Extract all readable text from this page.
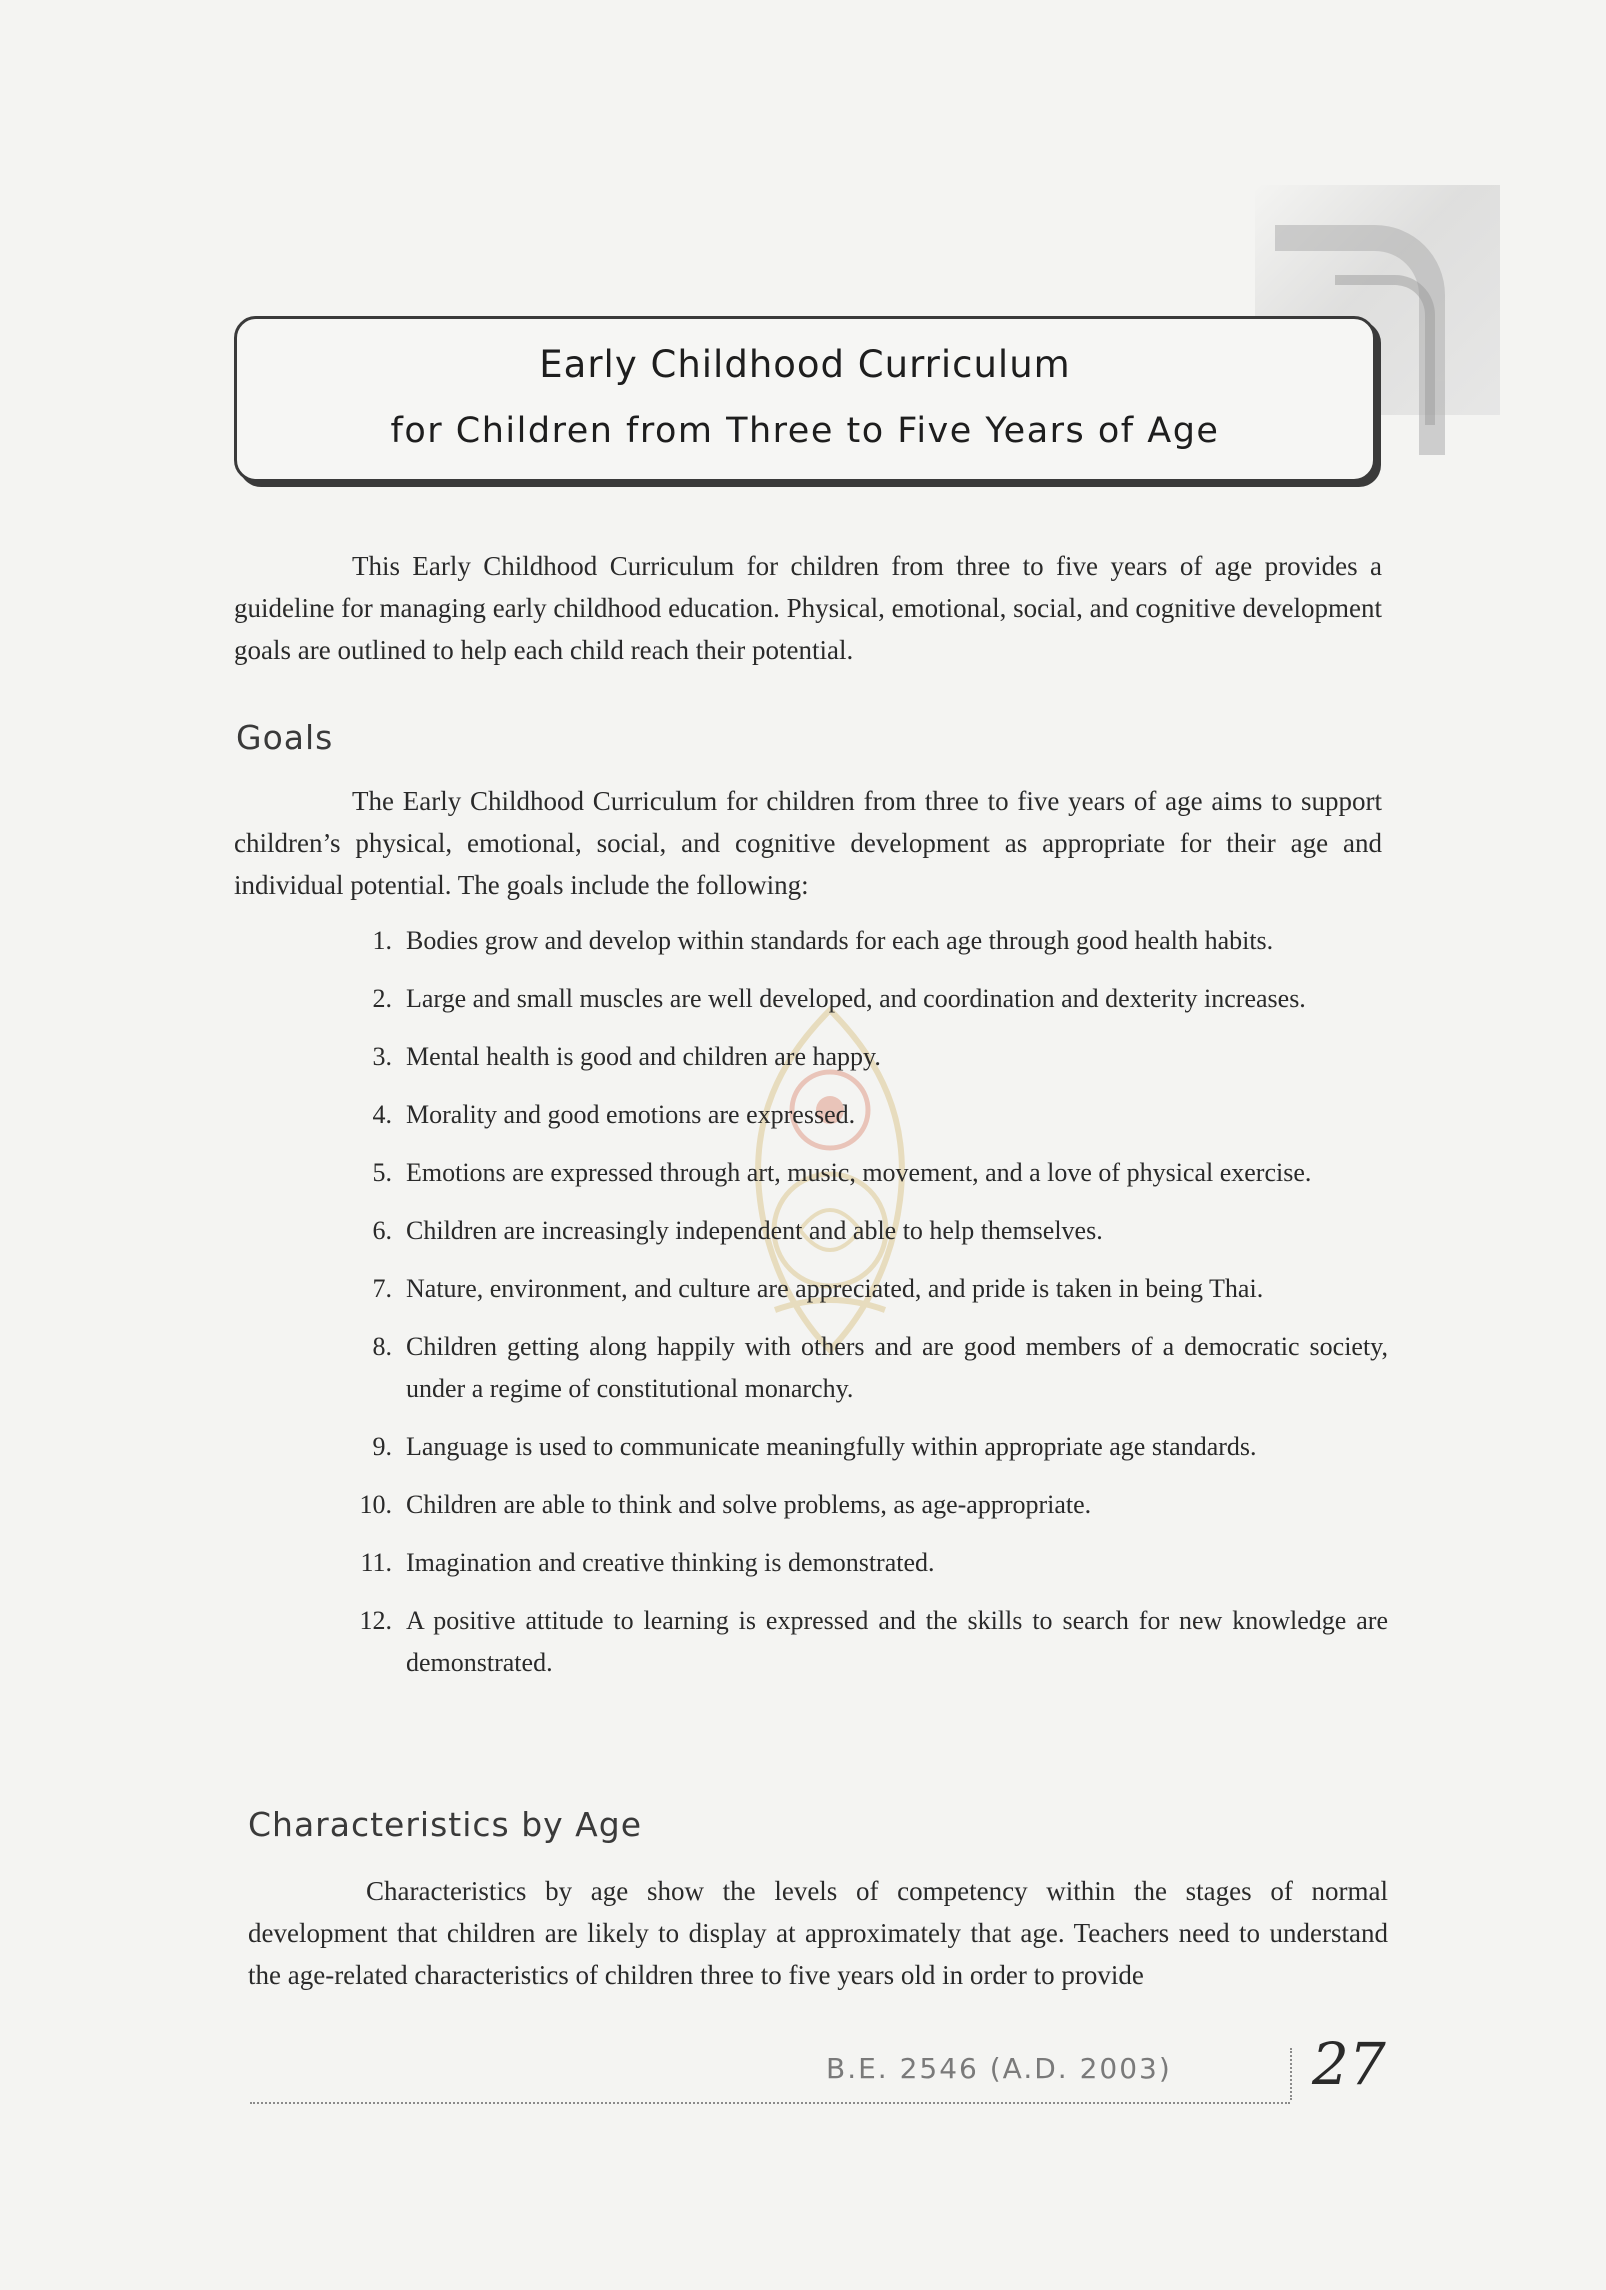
Early Childhood Curriculum
for Children from Three to Five Years of Age
This Early Childhood Curriculum for children from three to five years of age provides a guideline for managing early childhood education. Physical, emotional, social, and cognitive development goals are outlined to help each child reach their potential.
Goals
The Early Childhood Curriculum for children from three to five years of age aims to support children’s physical, emotional, social, and cognitive development as appropriate for their age and individual potential. The goals include the following:
1. Bodies grow and develop within standards for each age through good health habits.
2. Large and small muscles are well developed, and coordination and dexterity increases.
3. Mental health is good and children are happy.
4. Morality and good emotions are expressed.
5. Emotions are expressed through art, music, movement, and a love of physical exercise.
6. Children are increasingly independent and able to help themselves.
7. Nature, environment, and culture are appreciated, and pride is taken in being Thai.
8. Children getting along happily with others and are good members of a democratic society, under a regime of constitutional monarchy.
9. Language is used to communicate meaningfully within appropriate age standards.
10. Children are able to think and solve problems, as age-appropriate.
11. Imagination and creative thinking is demonstrated.
12. A positive attitude to learning is expressed and the skills to search for new knowledge are demonstrated.
Characteristics by Age
Characteristics by age show the levels of competency within the stages of normal development that children are likely to display at approximately that age. Teachers need to understand the age-related characteristics of children three to five years old in order to provide
B.E. 2546 (A.D. 2003) 27
